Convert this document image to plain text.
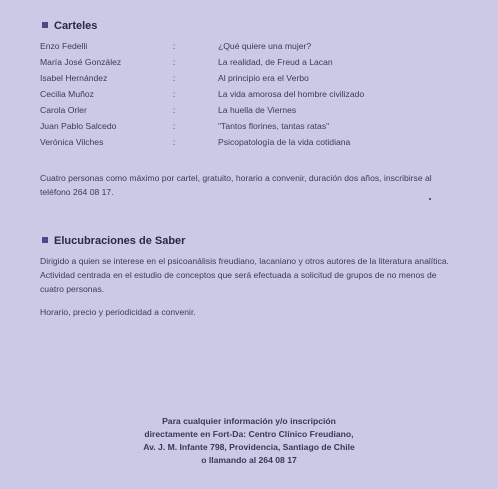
Carteles
Enzo Fedelli	:	¿Qué quiere una mujer?
María José González	:	La realidad, de Freud a Lacan
Isabel Hernández	:	Al principio era el Verbo
Cecilia Muñoz	:	La vida amorosa del hombre civilizado
Carola Orler	:	La huella de Viernes
Juan Pablo Salcedo	:	"Tantos florines, tantas ratas"
Verónica Vilches	:	Psicopatología de la vida cotidiana

Cuatro personas como máximo por cartel, gratuito, horario a convenir, duración dos años, inscribirse al teléfono 264 08 17.

Elucubraciones de Saber

Dirigido a quien se interese en el psicoanálisis freudiano, lacaniano y otros autores de la literatura analítica. Actividad centrada en el estudio de conceptos que será efectuada a solicitud de grupos de no menos de cuatro personas.

Horario, precio y periodicidad a convenir.

Para cualquier información y/o inscripción
directamente en Fort-Da: Centro Clínico Freudiano,
Av. J. M. Infante 798, Providencia, Santiago de Chile
o llamando al 264 08 17
